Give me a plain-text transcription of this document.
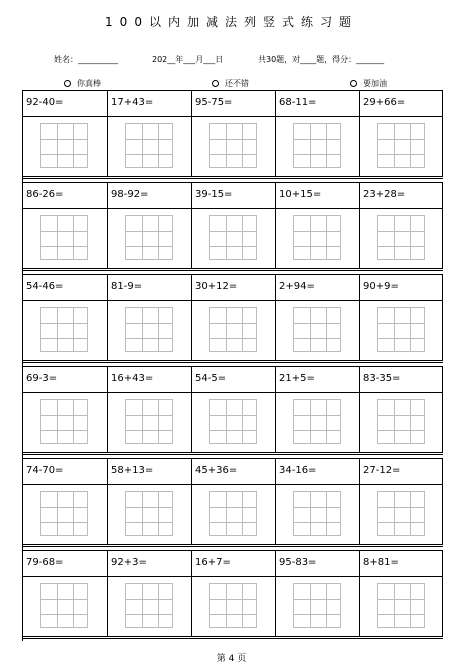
100以内加减法列竖式练习题
姓名：__________	202__年___月___日	共30题，对____题，得分：_______
你真棒	还不错	要加油
92-40=	17+43=	95-75=	68-11=	29+66=
86-26=	98-92=	39-15=	10+15=	23+28=
54-46=	81-9=	30+12=	2+94=	90+9=
69-3=	16+43=	54-5=	21+5=	83-35=
74-70=	58+13=	45+36=	34-16=	27-12=
79-68=	92+3=	16+7=	95-83=	8+81=
第 4 页
